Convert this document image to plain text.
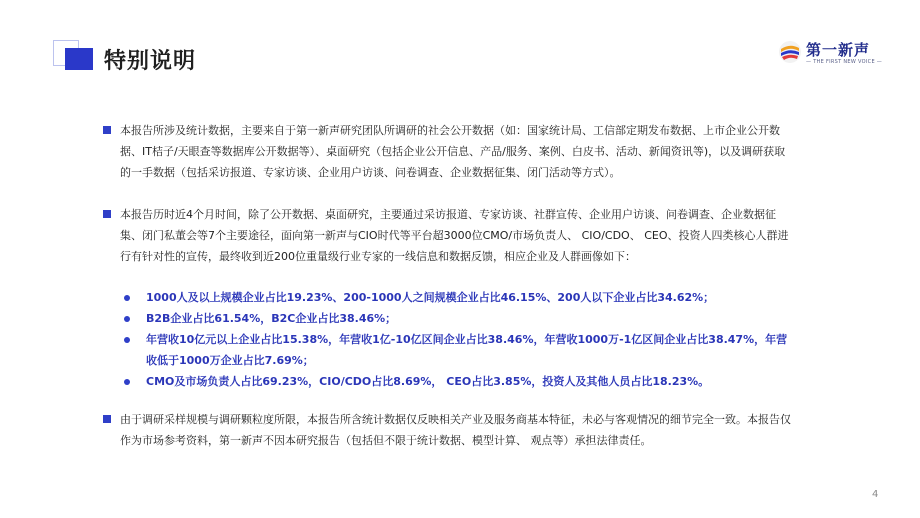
特别说明	第一新声
— THE FIRST NEW VOICE —
本报告所涉及统计数据，主要来自于第一新声研究团队所调研的社会公开数据（如：国家统计局、工信部定期发布数据、上市企业公开数据、IT桔子/天眼查等数据库公开数据等）、桌面研究（包括企业公开信息、产品/服务、案例、白皮书、活动、新闻资讯等)，以及调研获取的一手数据（包括采访报道、专家访谈、企业用户访谈、问卷调查、企业数据征集、闭门活动等方式）。
本报告历时近4个月时间，除了公开数据、桌面研究，主要通过采访报道、专家访谈、社群宣传、企业用户访谈、问卷调查、企业数据征集、闭门私董会等7个主要途径，面向第一新声与CIO时代等平台超3000位CMO/市场负责人、 CIO/CDO、 CEO、投资人四类核心人群进行有针对性的宣传，最终收到近200位重量级行业专家的一线信息和数据反馈，相应企业及人群画像如下：
1000人及以上规模企业占比19.23%、200-1000人之间规模企业占比46.15%、200人以下企业占比34.62%；
B2B企业占比61.54%，B2C企业占比38.46%；
年营收10亿元以上企业占比15.38%，年营收1亿-10亿区间企业占比38.46%，年营收1000万-1亿区间企业占比38.47%，年营收低于1000万企业占比7.69%；
CMO及市场负责人占比69.23%，CIO/CDO占比8.69%， CEO占比3.85%，投资人及其他人员占比18.23%。
由于调研采样规模与调研颗粒度所限，本报告所含统计数据仅反映相关产业及服务商基本特征，未必与客观情况的细节完全一致。本报告仅作为市场参考资料，第一新声不因本研究报告（包括但不限于统计数据、模型计算、 观点等）承担法律责任。
4
